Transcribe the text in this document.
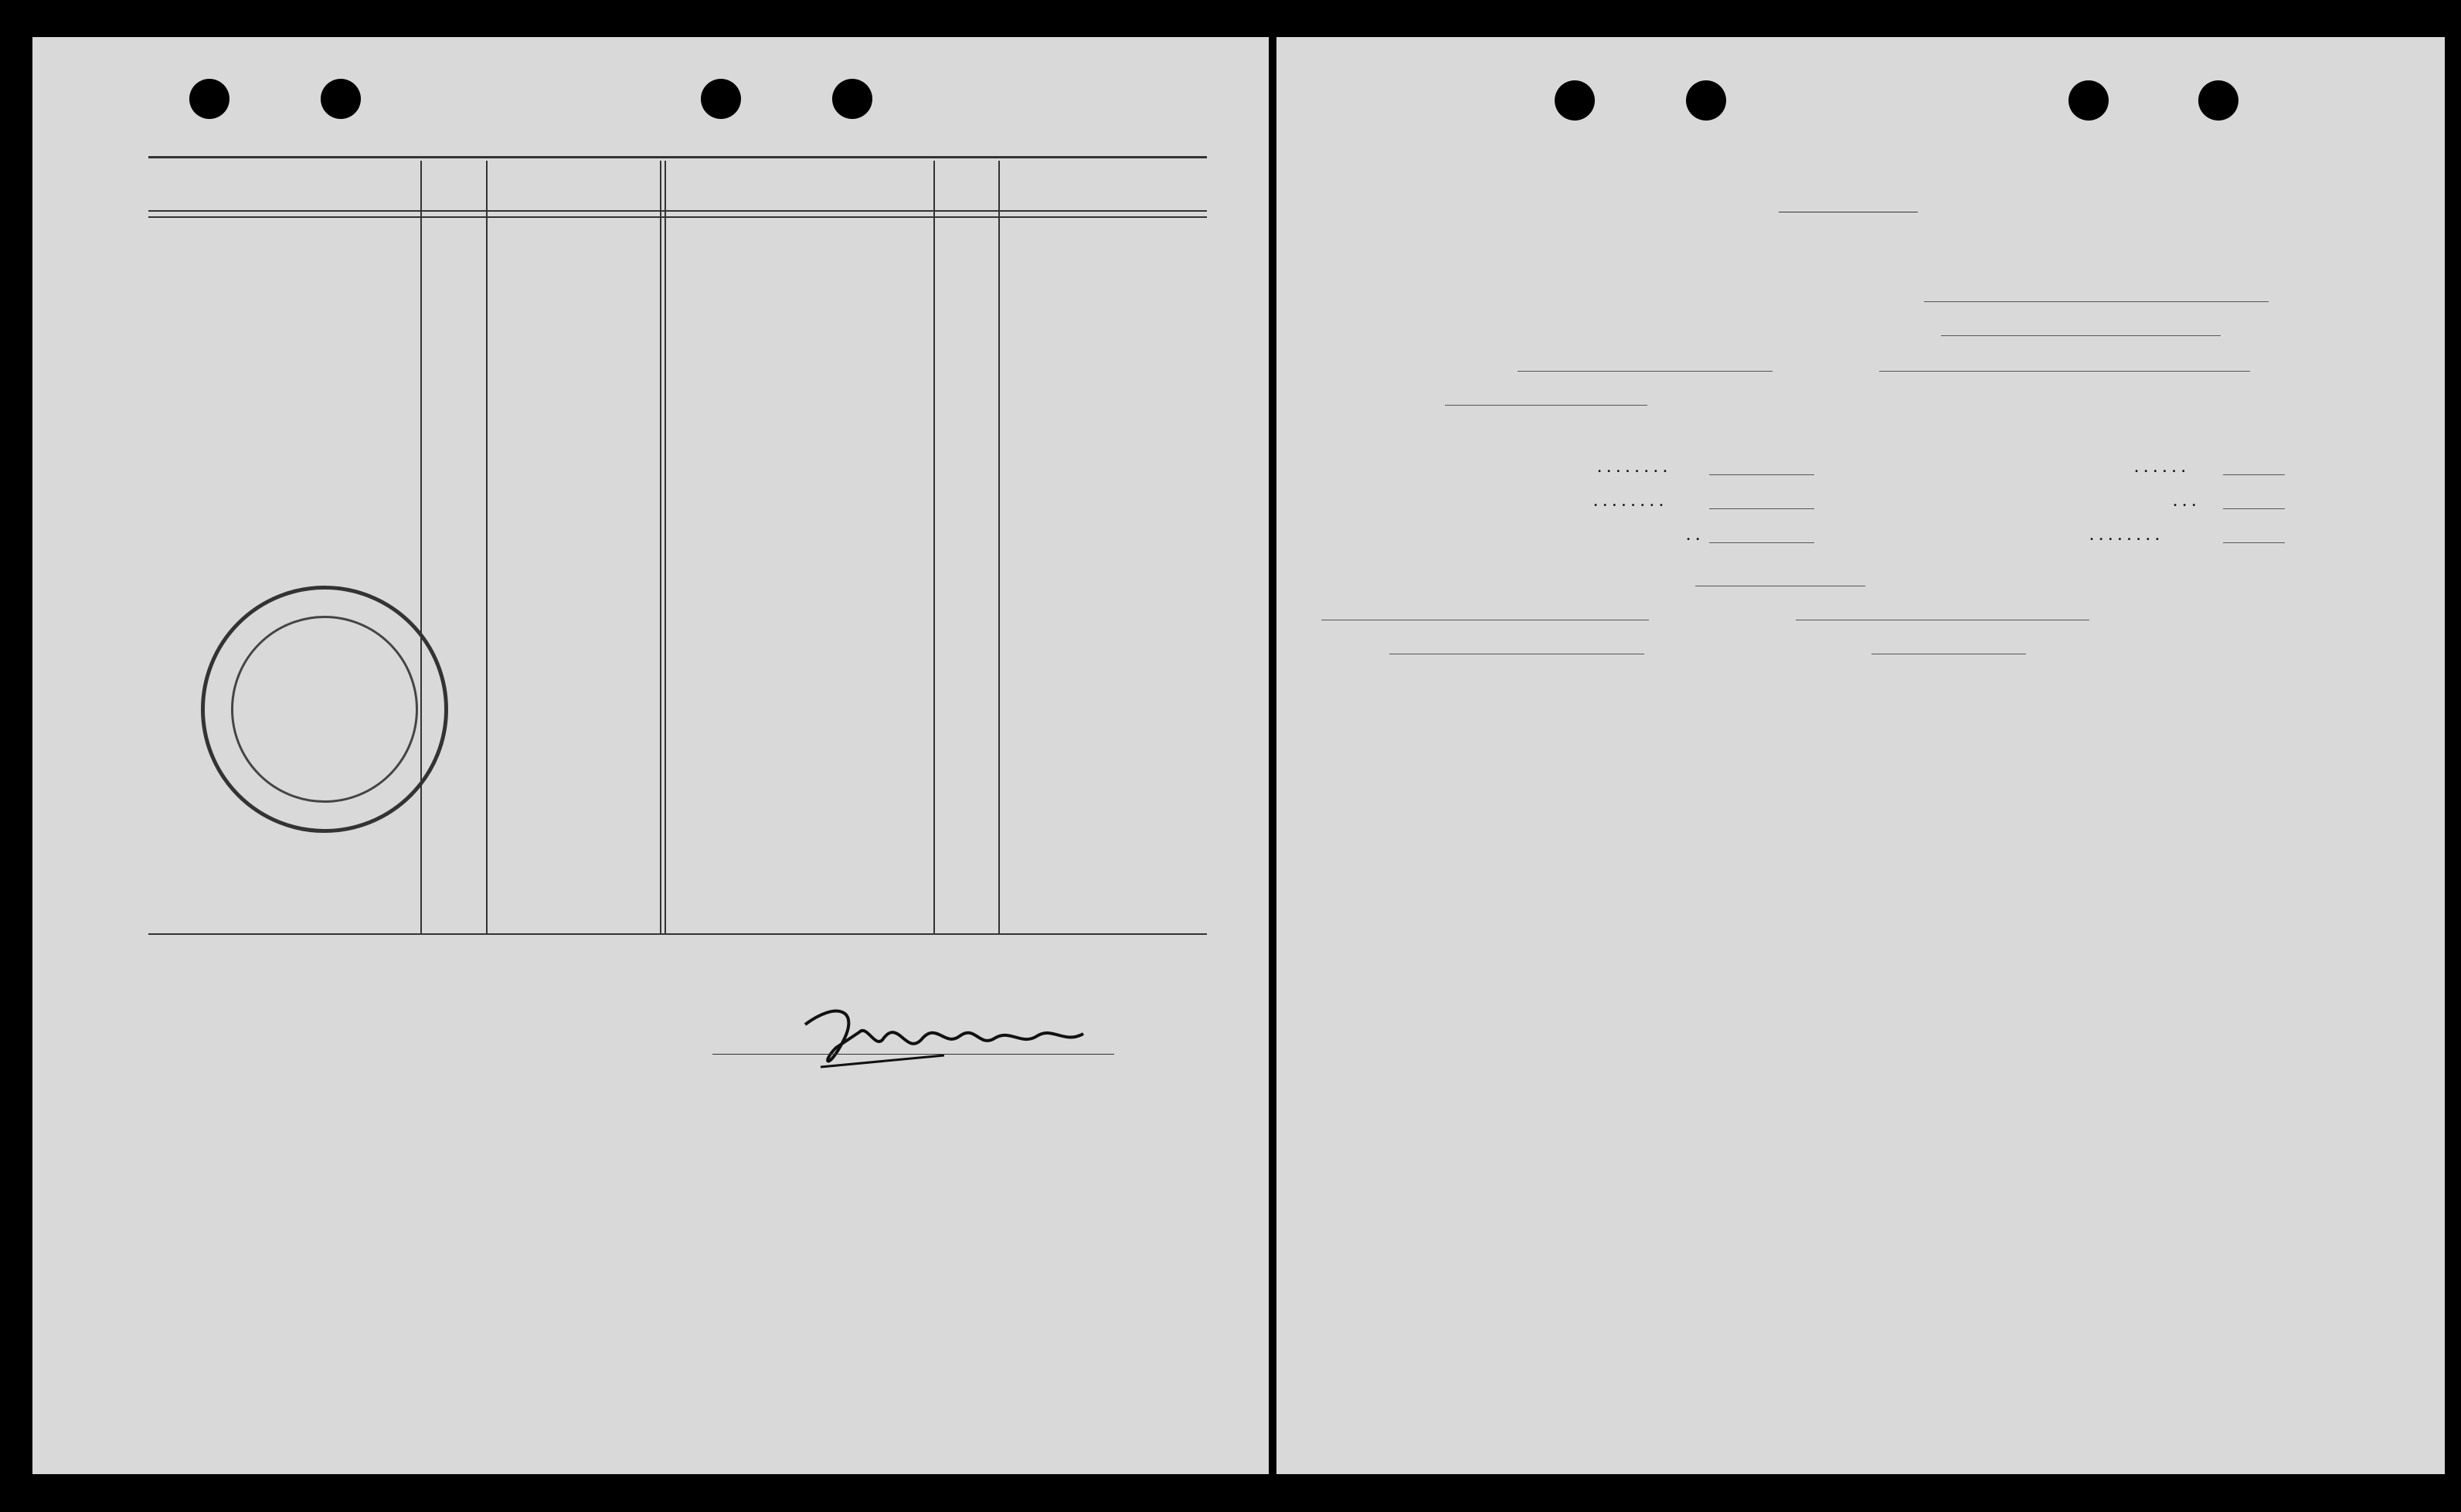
........
........
..
......
...
........
